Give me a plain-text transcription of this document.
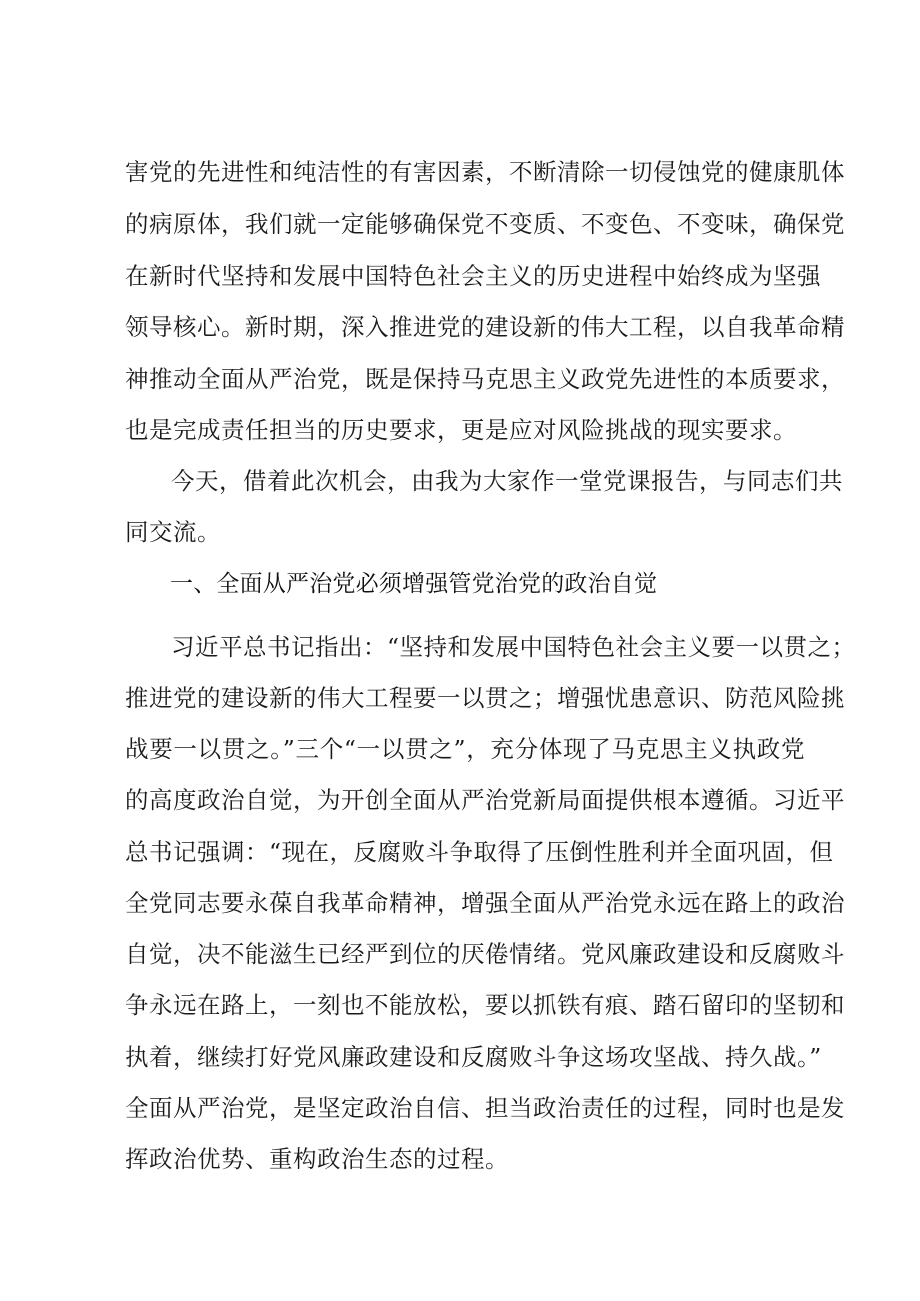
害党的先进性和纯洁性的有害因素，不断清除一切侵蚀党的健康肌体
的病原体，我们就一定能够确保党不变质、不变色、不变味，确保党
在新时代坚持和发展中国特色社会主义的历史进程中始终成为坚强
领导核心。新时期，深入推进党的建设新的伟大工程，以自我革命精
神推动全面从严治党，既是保持马克思主义政党先进性的本质要求，
也是完成责任担当的历史要求，更是应对风险挑战的现实要求。
今天，借着此次机会，由我为大家作一堂党课报告，与同志们共
同交流。
一、全面从严治党必须增强管党治党的政治自觉
习近平总书记指出：“坚持和发展中国特色社会主义要一以贯之；
推进党的建设新的伟大工程要一以贯之；增强忧患意识、防范风险挑
战要一以贯之。”三个“一以贯之”，充分体现了马克思主义执政党
的高度政治自觉，为开创全面从严治党新局面提供根本遵循。习近平
总书记强调：“现在，反腐败斗争取得了压倒性胜利并全面巩固，但
全党同志要永葆自我革命精神，增强全面从严治党永远在路上的政治
自觉，决不能滋生已经严到位的厌倦情绪。党风廉政建设和反腐败斗
争永远在路上，一刻也不能放松，要以抓铁有痕、踏石留印的坚韧和
执着，继续打好党风廉政建设和反腐败斗争这场攻坚战、持久战。”
全面从严治党，是坚定政治自信、担当政治责任的过程，同时也是发
挥政治优势、重构政治生态的过程。
